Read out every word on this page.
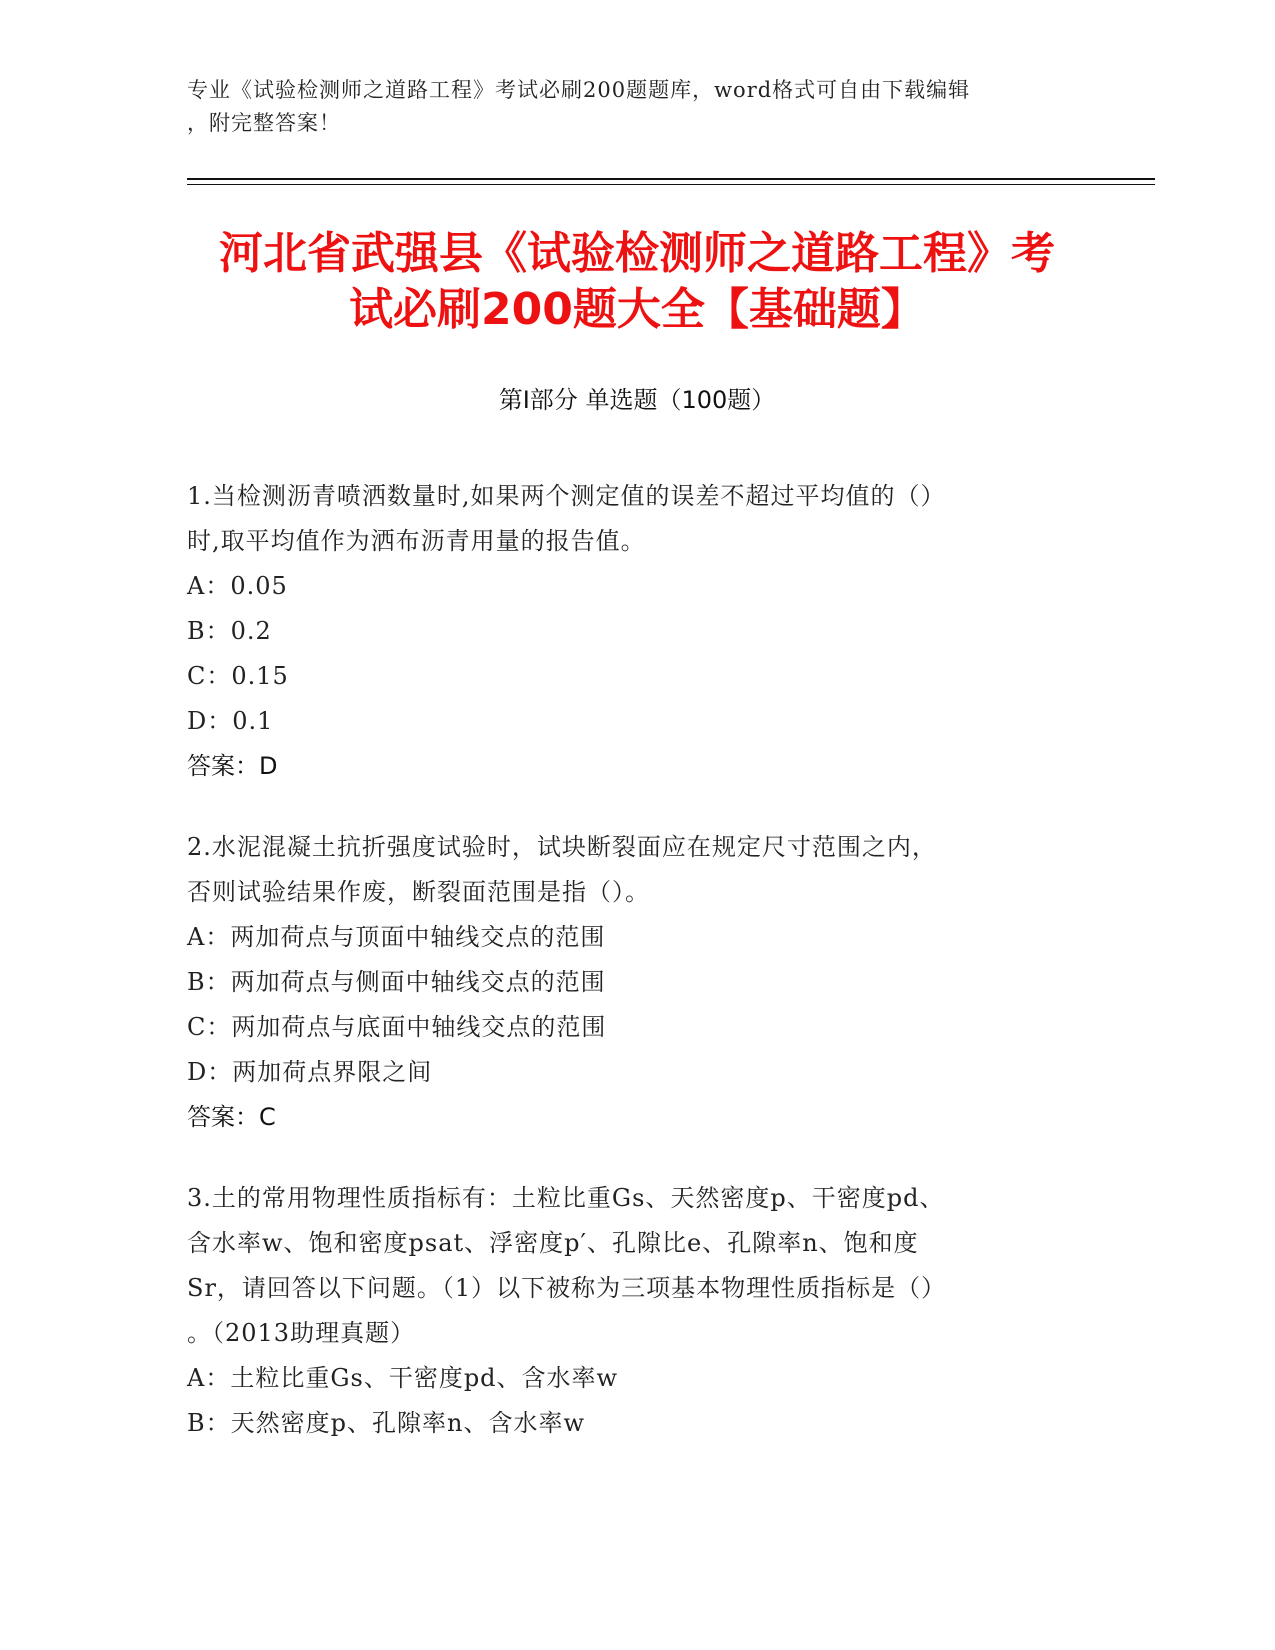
专业《试验检测师之道路工程》考试必刷200题题库，word格式可自由下载编辑
，附完整答案！
河北省武强县《试验检测师之道路工程》考
试必刷200题大全【基础题】
第Ⅰ部分 单选题（100题）
1.当检测沥青喷洒数量时,如果两个测定值的误差不超过平均值的（）
时,取平均值作为洒布沥青用量的报告值。
A：0.05
B：0.2
C：0.15
D：0.1
答案：D
2.水泥混凝土抗折强度试验时，试块断裂面应在规定尺寸范围之内，
否则试验结果作废，断裂面范围是指（）。
A：两加荷点与顶面中轴线交点的范围
B：两加荷点与侧面中轴线交点的范围
C：两加荷点与底面中轴线交点的范围
D：两加荷点界限之间
答案：C
3.土的常用物理性质指标有：土粒比重Gs、天然密度p、干密度pd、
含水率w、饱和密度psat、浮密度p′、孔隙比e、孔隙率n、饱和度
Sr，请回答以下问题。（1）以下被称为三项基本物理性质指标是（）
。（2013助理真题）
A：土粒比重Gs、干密度pd、含水率w
B：天然密度p、孔隙率n、含水率w
